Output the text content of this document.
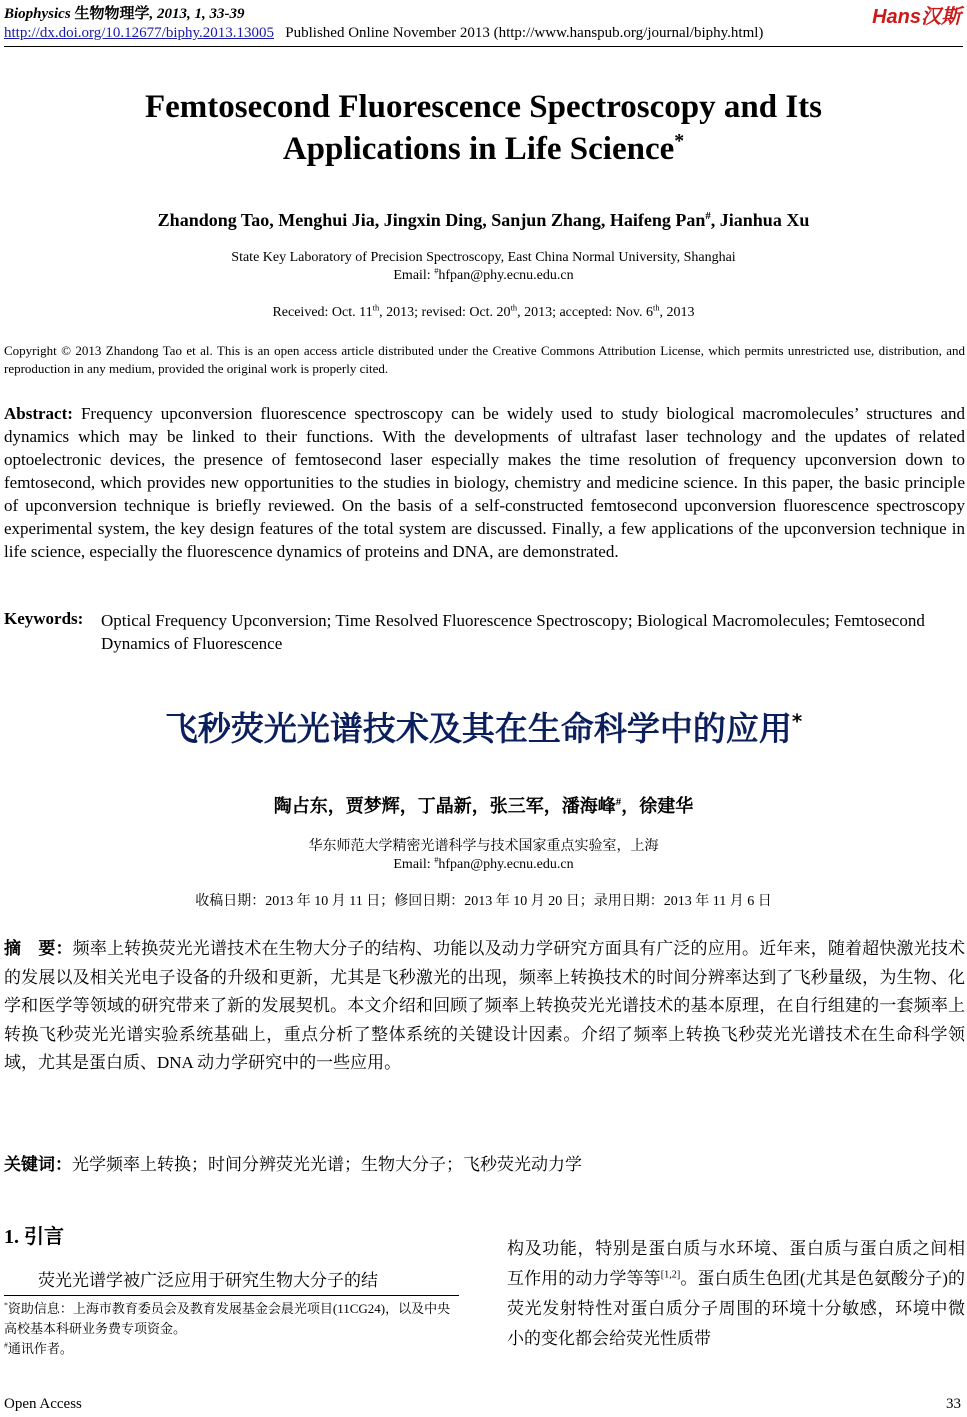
Biophysics 生物物理学, 2013, 1, 33-39	Hans汉斯
http://dx.doi.org/10.12677/biphy.2013.13005 Published Online November 2013 (http://www.hanspub.org/journal/biphy.html)
Femtosecond Fluorescence Spectroscopy and Its
Applications in Life Science*
Zhandong Tao, Menghui Jia, Jingxin Ding, Sanjun Zhang, Haifeng Pan#, Jianhua Xu
State Key Laboratory of Precision Spectroscopy, East China Normal University, Shanghai
Email: #hfpan@phy.ecnu.edu.cn
Received: Oct. 11th, 2013; revised: Oct. 20th, 2013; accepted: Nov. 6th, 2013
Copyright © 2013 Zhandong Tao et al. This is an open access article distributed under the Creative Commons Attribution License, which permits unrestricted use, distribution, and reproduction in any medium, provided the original work is properly cited.
Abstract: Frequency upconversion fluorescence spectroscopy can be widely used to study biological macromolecules’ structures and dynamics which may be linked to their functions. With the developments of ultrafast laser technology and the updates of related optoelectronic devices, the presence of femtosecond laser especially makes the time resolution of frequency upconversion down to femtosecond, which provides new opportunities to the studies in biology, chemistry and medicine science. In this paper, the basic principle of upconversion technique is briefly reviewed. On the basis of a self-constructed femtosecond upconversion fluorescence spectroscopy experimental system, the key design features of the total system are discussed. Finally, a few applications of the upconversion technique in life science, especially the fluorescence dynamics of proteins and DNA, are demonstrated.
Keywords: Optical Frequency Upconversion; Time Resolved Fluorescence Spectroscopy; Biological Macromolecules; Femtosecond Dynamics of Fluorescence
飞秒荧光光谱技术及其在生命科学中的应用*
陶占东，贾梦辉，丁晶新，张三军，潘海峰#，徐建华
华东师范大学精密光谱科学与技术国家重点实验室，上海
Email: #hfpan@phy.ecnu.edu.cn
收稿日期：2013 年 10 月 11 日；修回日期：2013 年 10 月 20 日；录用日期：2013 年 11 月 6 日
摘　要：频率上转换荧光光谱技术在生物大分子的结构、功能以及动力学研究方面具有广泛的应用。近年来，随着超快激光技术的发展以及相关光电子设备的升级和更新，尤其是飞秒激光的出现，频率上转换技术的时间分辨率达到了飞秒量级，为生物、化学和医学等领域的研究带来了新的发展契机。本文介绍和回顾了频率上转换荧光光谱技术的基本原理，在自行组建的一套频率上转换飞秒荧光光谱实验系统基础上，重点分析了整体系统的关键设计因素。介绍了频率上转换飞秒荧光光谱技术在生命科学领域，尤其是蛋白质、DNA 动力学研究中的一些应用。
关键词：光学频率上转换；时间分辨荧光光谱；生物大分子；飞秒荧光动力学
1. 引言
荧光光谱学被广泛应用于研究生物大分子的结
*资助信息：上海市教育委员会及教育发展基金会晨光项目(11CG24)，以及中央高校基本科研业务费专项资金。
#通讯作者。
构及功能，特别是蛋白质与水环境、蛋白质与蛋白质之间相互作用的动力学等等[1,2]。蛋白质生色团(尤其是色氨酸分子)的荧光发射特性对蛋白质分子周围的环境十分敏感，环境中微小的变化都会给荧光性质带
Open Access	33
